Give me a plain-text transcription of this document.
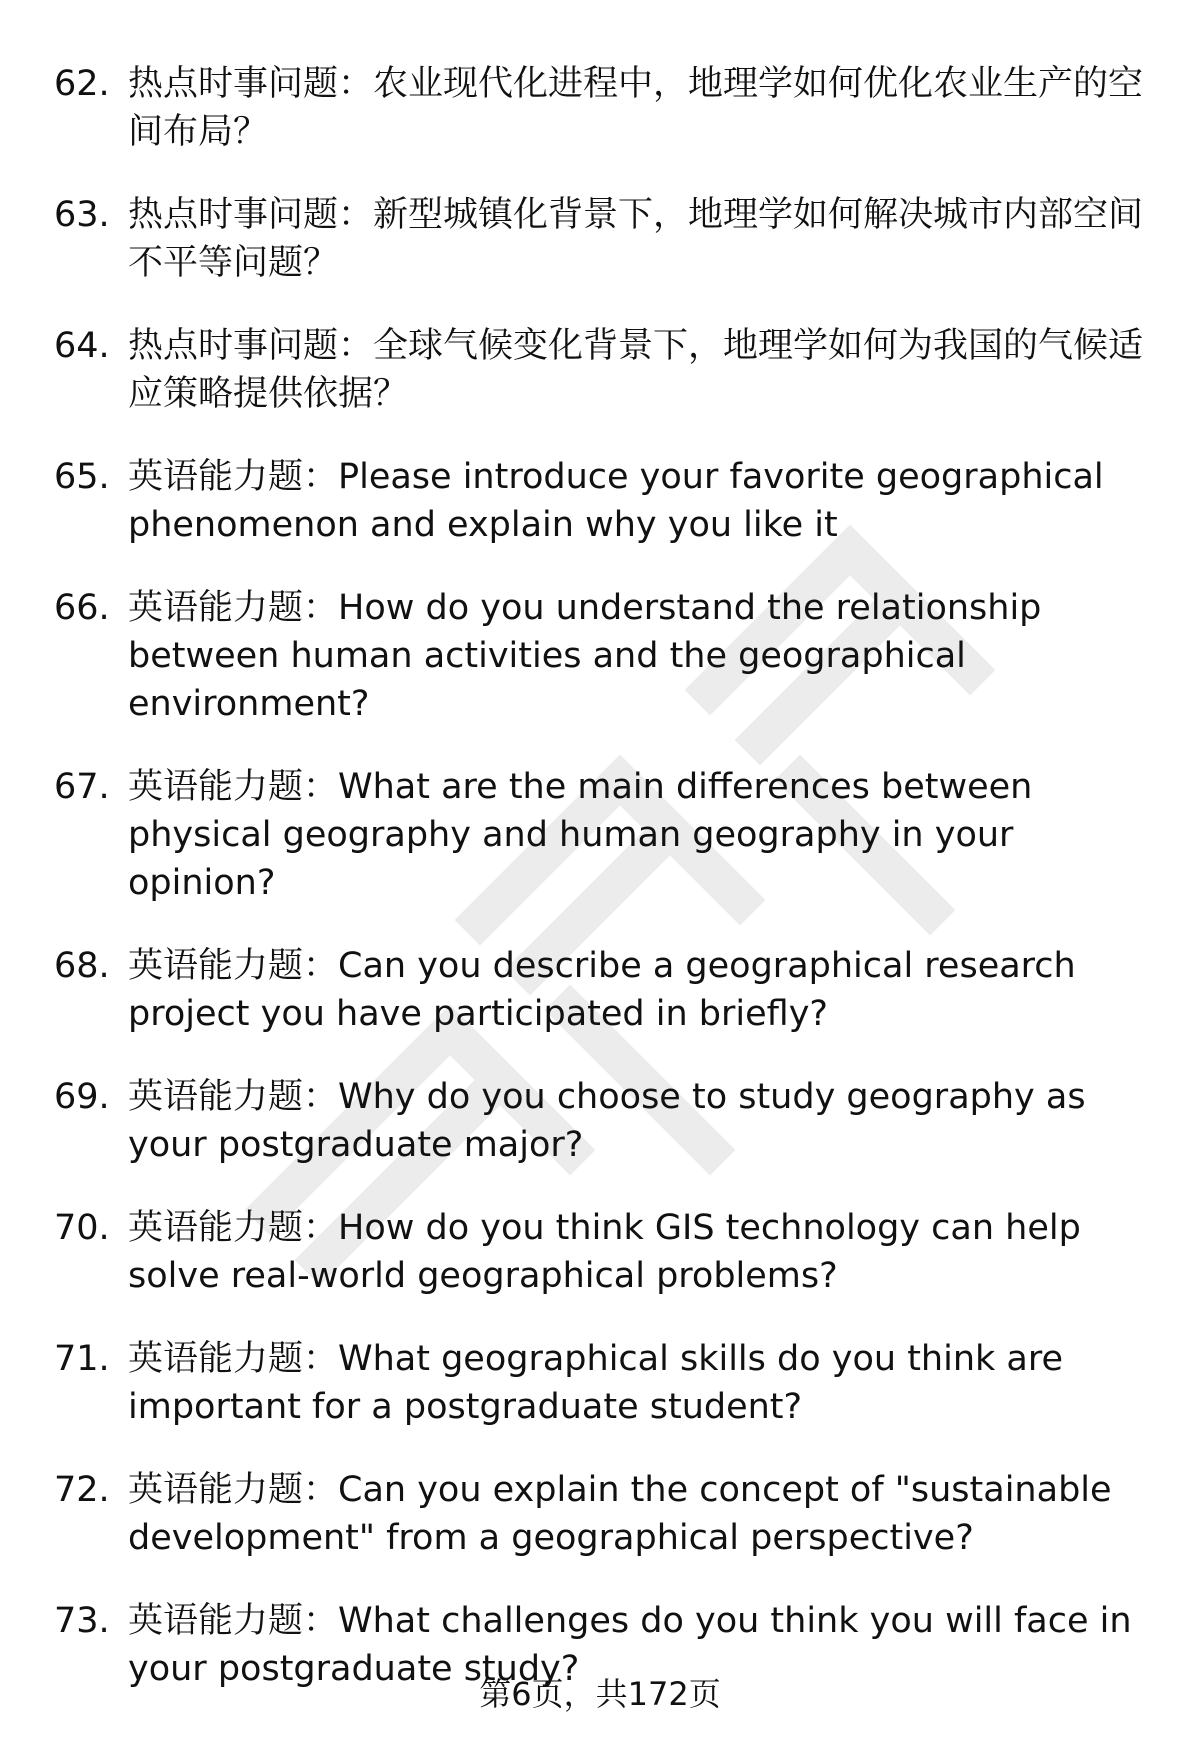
62. 热点时事问题：农业现代化进程中，地理学如何优化农业生产的空间布局？
63. 热点时事问题：新型城镇化背景下，地理学如何解决城市内部空间不平等问题？
64. 热点时事问题：全球气候变化背景下，地理学如何为我国的气候适应策略提供依据？
65. 英语能力题：Please introduce your favorite geographical phenomenon and explain why you like it
66. 英语能力题：How do you understand the relationship between human activities and the geographical environment?
67. 英语能力题：What are the main differences between physical geography and human geography in your opinion?
68. 英语能力题：Can you describe a geographical research project you have participated in briefly?
69. 英语能力题：Why do you choose to study geography as your postgraduate major?
70. 英语能力题：How do you think GIS technology can help solve real-world geographical problems?
71. 英语能力题：What geographical skills do you think are important for a postgraduate student?
72. 英语能力题：Can you explain the concept of "sustainable development" from a geographical perspective?
73. 英语能力题：What challenges do you think you will face in your postgraduate study?
第6页，共172页
